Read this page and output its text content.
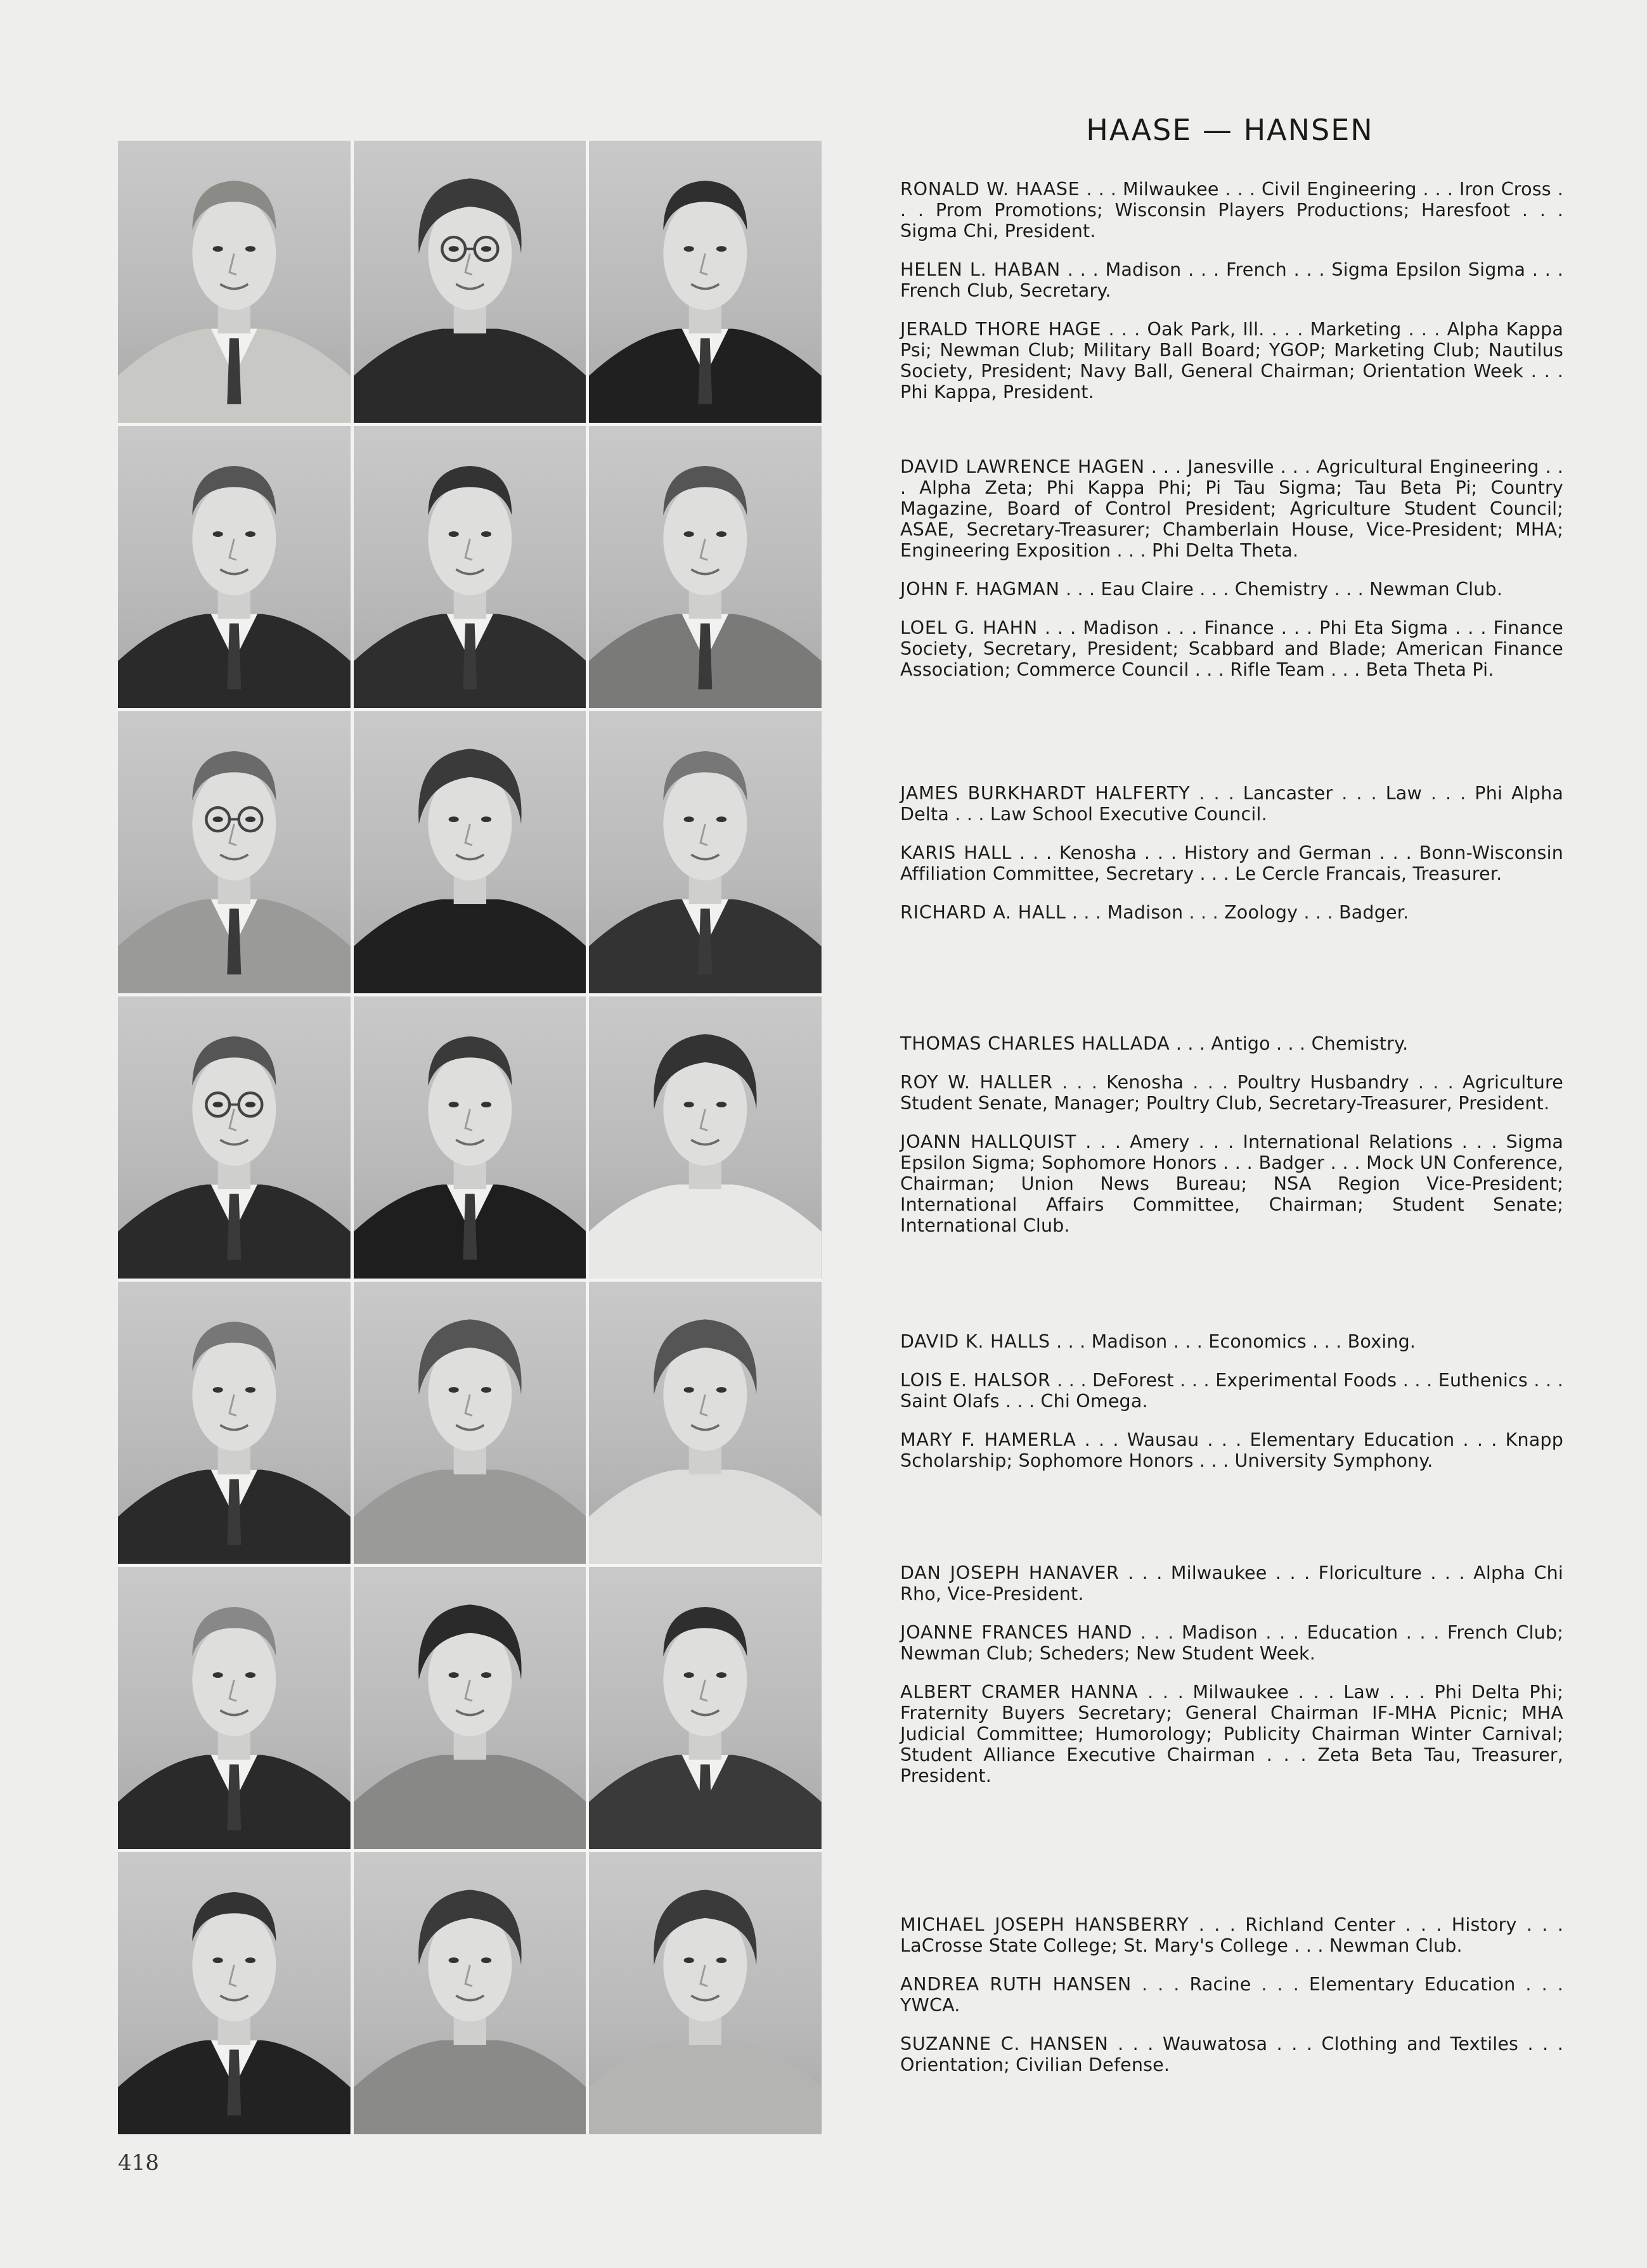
HAASE — HANSEN

RONALD W. HAASE . . . Milwaukee . . . Civil Engineering . . . Iron Cross . . . Prom Promotions; Wisconsin Players Productions; Haresfoot . . . Sigma Chi, President.

HELEN L. HABAN . . . Madison . . . French . . . Sigma Epsilon Sigma . . . French Club, Secretary.

JERALD THORE HAGE . . . Oak Park, Ill. . . . Marketing . . . Alpha Kappa Psi; Newman Club; Military Ball Board; YGOP; Marketing Club; Nautilus Society, President; Navy Ball, General Chairman; Orientation Week . . . Phi Kappa, President.

DAVID LAWRENCE HAGEN . . . Janesville . . . Agricultural Engineering . . . Alpha Zeta; Phi Kappa Phi; Pi Tau Sigma; Tau Beta Pi; Country Magazine, Board of Control President; Agriculture Student Council; ASAE, Secretary-Treasurer; Chamberlain House, Vice-President; MHA; Engineering Exposition . . . Phi Delta Theta.

JOHN F. HAGMAN . . . Eau Claire . . . Chemistry . . . Newman Club.

LOEL G. HAHN . . . Madison . . . Finance . . . Phi Eta Sigma . . . Finance Society, Secretary, President; Scabbard and Blade; American Finance Association; Commerce Council . . . Rifle Team . . . Beta Theta Pi.

JAMES BURKHARDT HALFERTY . . . Lancaster . . . Law . . . Phi Alpha Delta . . . Law School Executive Council.

KARIS HALL . . . Kenosha . . . History and German . . . Bonn-Wisconsin Affiliation Committee, Secretary . . . Le Cercle Francais, Treasurer.

RICHARD A. HALL . . . Madison . . . Zoology . . . Badger.

THOMAS CHARLES HALLADA . . . Antigo . . . Chemistry.

ROY W. HALLER . . . Kenosha . . . Poultry Husbandry . . . Agriculture Student Senate, Manager; Poultry Club, Secretary-Treasurer, President.

JOANN HALLQUIST . . . Amery . . . International Relations . . . Sigma Epsilon Sigma; Sophomore Honors . . . Badger . . . Mock UN Conference, Chairman; Union News Bureau; NSA Region Vice-President; International Affairs Committee, Chairman; Student Senate; International Club.

DAVID K. HALLS . . . Madison . . . Economics . . . Boxing.

LOIS E. HALSOR . . . DeForest . . . Experimental Foods . . . Euthenics . . . Saint Olafs . . . Chi Omega.

MARY F. HAMERLA . . . Wausau . . . Elementary Education . . . Knapp Scholarship; Sophomore Honors . . . University Symphony.

DAN JOSEPH HANAVER . . . Milwaukee . . . Floriculture . . . Alpha Chi Rho, Vice-President.

JOANNE FRANCES HAND . . . Madison . . . Education . . . French Club; Newman Club; Scheders; New Student Week.

ALBERT CRAMER HANNA . . . Milwaukee . . . Law . . . Phi Delta Phi; Fraternity Buyers Secretary; General Chairman IF-MHA Picnic; MHA Judicial Committee; Humorology; Publicity Chairman Winter Carnival; Student Alliance Executive Chairman . . . Zeta Beta Tau, Treasurer, President.

MICHAEL JOSEPH HANSBERRY . . . Richland Center . . . History . . . LaCrosse State College; St. Mary's College . . . Newman Club.

ANDREA RUTH HANSEN . . . Racine . . . Elementary Education . . . YWCA.

SUZANNE C. HANSEN . . . Wauwatosa . . . Clothing and Textiles . . . Orientation; Civilian Defense.

418
